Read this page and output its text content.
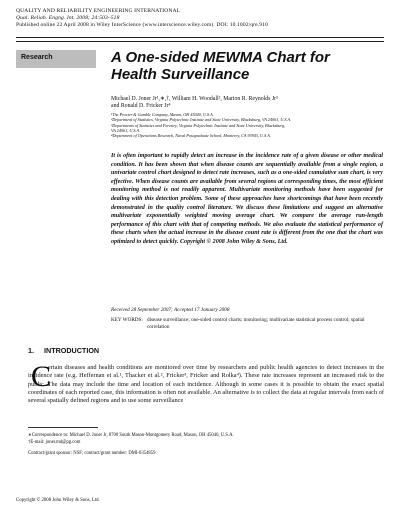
QUALITY AND RELIABILITY ENGINEERING INTERNATIONAL
Qual. Reliab. Engng. Int. 2008; 24:503–518
Published online 22 April 2008 in Wiley InterScience (www.interscience.wiley.com). DOI: 10.1002/qre.910
Research	A One-sided MEWMA Chart for Health Surveillance
Michael D. Joner Jr¹,∗,†, William H. Woodall², Marion R. Reynolds Jr³
and Ronald D. Fricker Jr⁴
¹The Procter & Gamble Company, Mason, OH 45040, U.S.A.
²Department of Statistics, Virginia Polytechnic Institute and State University, Blacksburg, VA 24061, U.S.A.
³Departments of Statistics and Forestry, Virginia Polytechnic Institute and State University, Blacksburg,
VA 24061, U.S.A.
⁴Department of Operations Research, Naval Postgraduate School, Monterey, CA 93943, U.S.A.
It is often important to rapidly detect an increase in the incidence rate of a given disease or other medical condition. It has been shown that when disease counts are sequentially available from a single region, a univariate control chart designed to detect rate increases, such as a one-sided cumulative sum chart, is very effective. When disease counts are available from several regions at corresponding times, the most efficient monitoring method is not readily apparent. Multivariate monitoring methods have been suggested for dealing with this detection problem. Some of these approaches have shortcomings that have been recently demonstrated in the quality control literature. We discuss these limitations and suggest an alternative multivariate exponentially weighted moving average chart. We compare the average run-length performance of this chart with that of competing methods. We also evaluate the statistical performance of these charts when the actual increase in the disease count rate is different from the one that the chart was optimized to detect quickly. Copyright © 2008 John Wiley & Sons, Ltd.
Received 28 September 2007; Accepted 17 January 2008
KEY WORDS: disease surveillance; one-sided control charts; monitoring; multivariate statistical process control; spatial correlation
1. INTRODUCTION
C
ertain diseases and health conditions are monitored over time by researchers and public health agencies to detect increases in the incidence rate (e.g. Heffernan et al.¹, Thacker et al.², Fricker³, Fricker and Rolka⁴). These rate increases represent an increased risk to the public. The data may include the time and location of each incidence. Although in some cases it is possible to obtain the exact spatial coordinates of each reported case, this information is often not available. An alternative is to collect the data at regular intervals from each of several spatially defined regions and to use some surveillance
∗Correspondence to: Michael D. Joner Jr, 8700 South Mason-Montgomery Road, Mason, OH 45040, U.S.A.
†E-mail: joner.md@pg.com
Contract/grant sponsor: NSF; contract/grant number: DMI-0354859
Copyright © 2008 John Wiley & Sons, Ltd.
